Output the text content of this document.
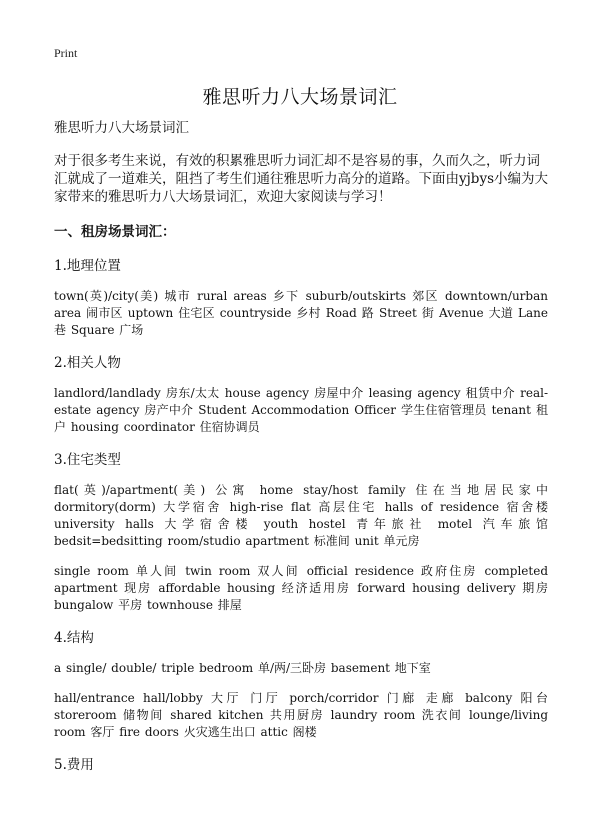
Print
雅思听力八大场景词汇

雅思听力八大场景词汇

对于很多考生来说，有效的积累雅思听力词汇却不是容易的事，久而久之，听力词汇就成了一道难关，阻挡了考生们通往雅思听力高分的道路。下面由yjbys小编为大家带来的雅思听力八大场景词汇，欢迎大家阅读与学习！

一、租房场景词汇：

1.地理位置

town(英)/city(美) 城市 rural areas 乡下 suburb/outskirts 郊区 downtown/urban area 闹市区 uptown 住宅区 countryside 乡村 Road 路 Street 街 Avenue 大道 Lane 巷 Square 广场

2.相关人物

landlord/landlady 房东/太太 house agency 房屋中介 leasing agency 租赁中介 real-estate agency 房产中介 Student Accommodation Officer 学生住宿管理员 tenant 租户 housing coordinator 住宿协调员

3.住宅类型

flat(英)/apartment(美) 公寓 home stay/host family 住在当地居民家中 dormitory(dorm) 大学宿舍 high-rise flat 高层住宅 halls of residence 宿舍楼 university halls 大学宿舍楼 youth hostel 青年旅社 motel 汽车旅馆 bedsit=bedsitting room/studio apartment 标准间 unit 单元房

single room 单人间 twin room 双人间 official residence 政府住房 completed apartment 现房 affordable housing 经济适用房 forward housing delivery 期房 bungalow 平房 townhouse 排屋

4.结构

a single/ double/ triple bedroom 单/两/三卧房 basement 地下室

hall/entrance hall/lobby 大厅 门厅 porch/corridor 门廊 走廊 balcony 阳台 storeroom 储物间 shared kitchen 共用厨房 laundry room 洗衣间 lounge/living room 客厅 fire doors 火灾逃生出口 attic 阁楼

5.费用
